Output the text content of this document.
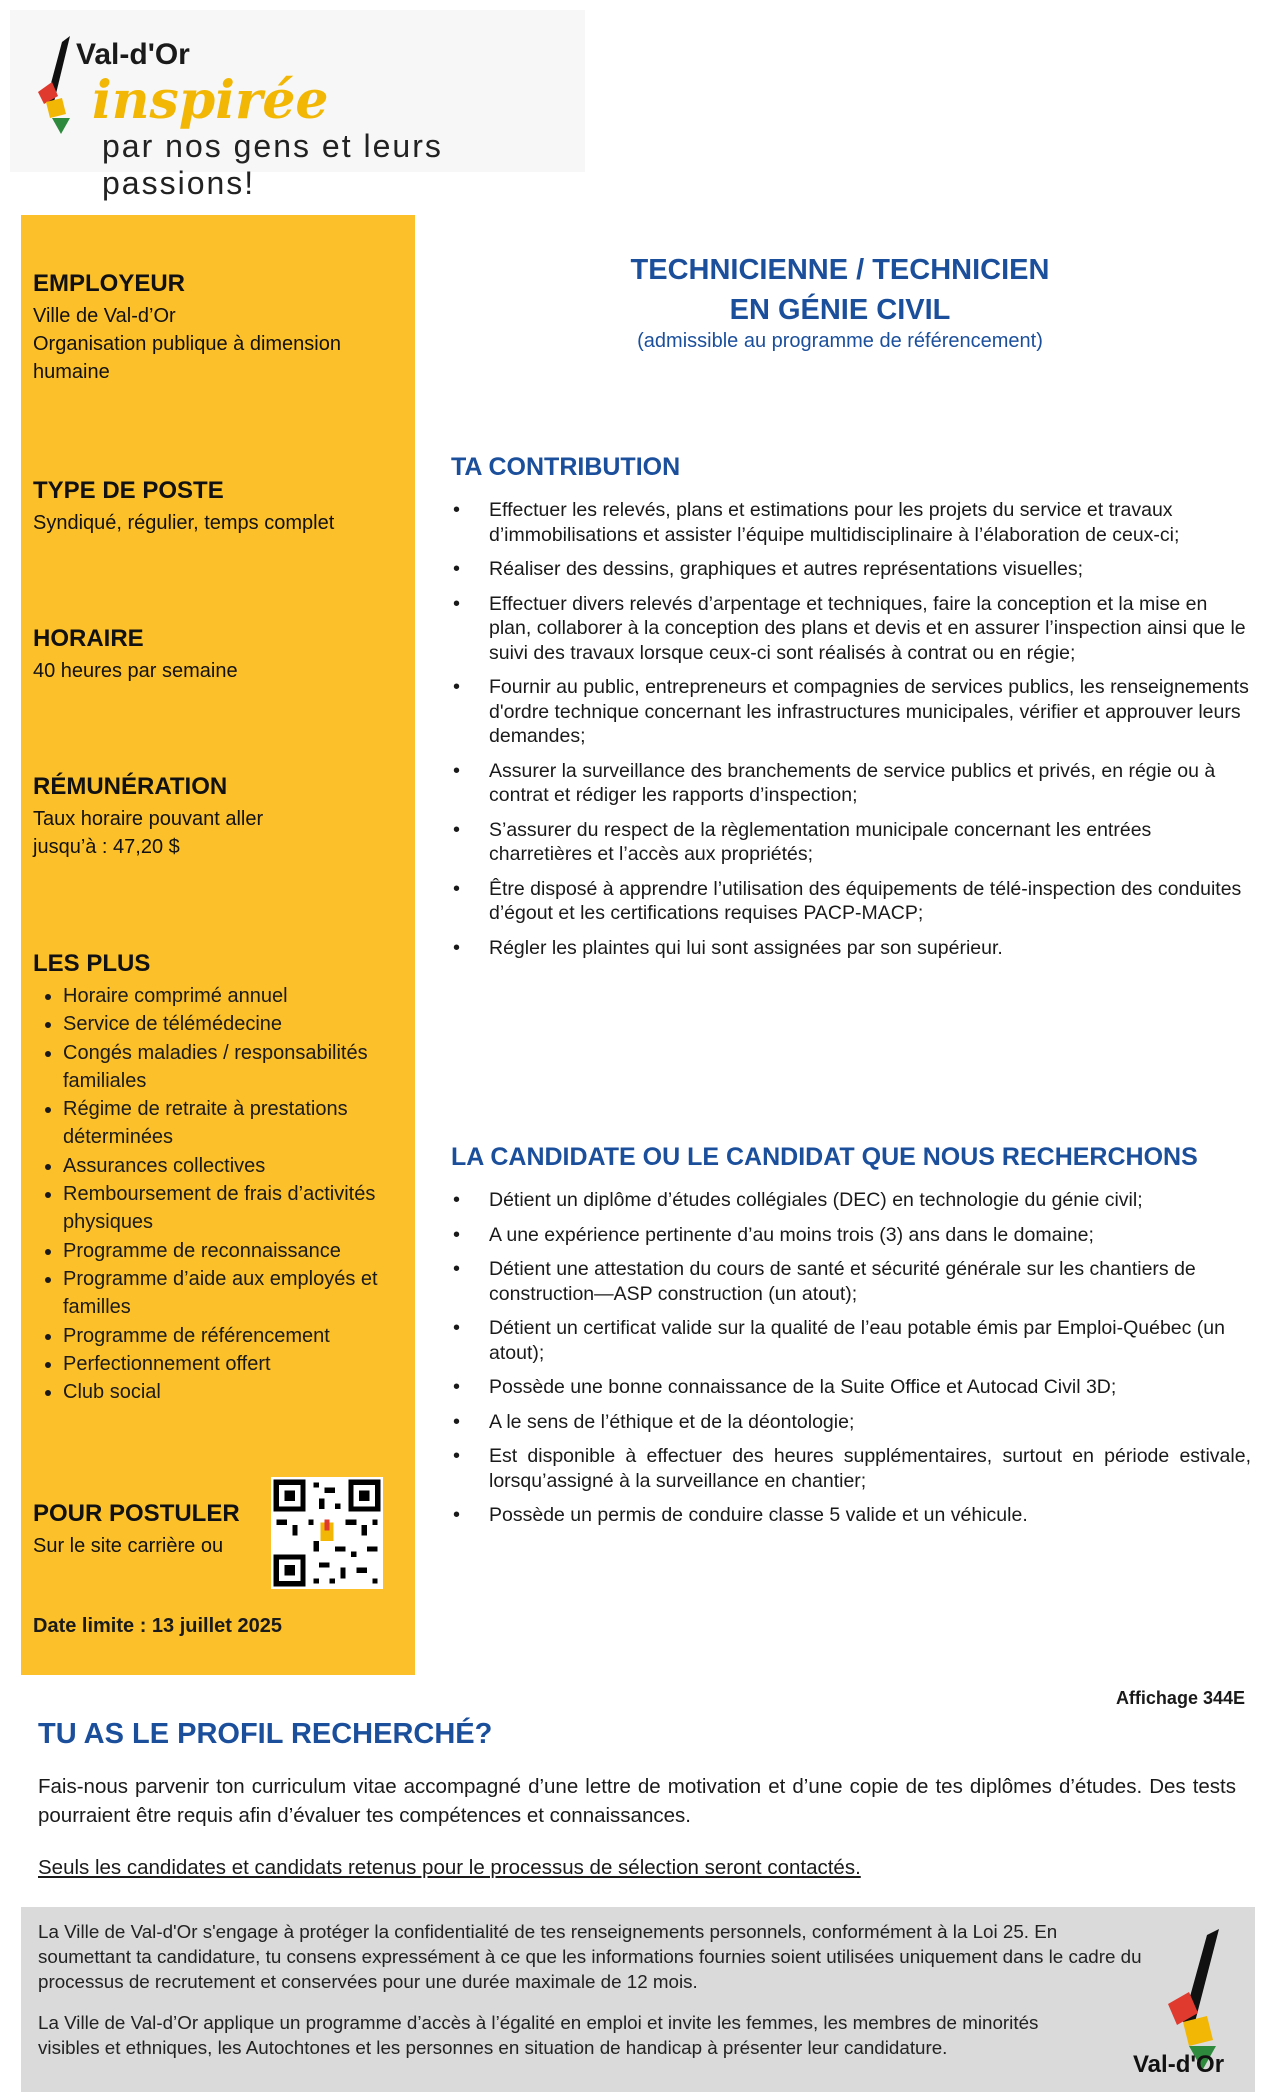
Val-d'Or
inspirée
par nos gens et leurs passions!
EMPLOYEUR
Ville de Val-d’Or
Organisation publique à dimension humaine
TYPE DE POSTE
Syndiqué, régulier, temps complet
HORAIRE
40 heures par semaine
RÉMUNÉRATION
Taux horaire pouvant aller
jusqu’à : 47,20 $
LES PLUS
• Horaire comprimé annuel
• Service de télémédecine
• Congés maladies / responsabilités familiales
• Régime de retraite à prestations déterminées
• Assurances collectives
• Remboursement de frais d’activités physiques
• Programme de reconnaissance
• Programme d’aide aux employés et familles
• Programme de référencement
• Perfectionnement offert
• Club social
POUR POSTULER
Sur le site carrière ou
Date limite : 13 juillet 2025
TECHNICIENNE / TECHNICIEN
EN GÉNIE CIVIL
(admissible au programme de référencement)
TA CONTRIBUTION
• Effectuer les relevés, plans et estimations pour les projets du service et travaux d’immobilisations et assister l’équipe multidisciplinaire à l’élaboration de ceux-ci;
• Réaliser des dessins, graphiques et autres représentations visuelles;
• Effectuer divers relevés d’arpentage et techniques, faire la conception et la mise en plan, collaborer à la conception des plans et devis et en assurer l’inspection ainsi que le suivi des travaux lorsque ceux-ci sont réalisés à contrat ou en régie;
• Fournir au public, entrepreneurs et compagnies de services publics, les renseignements d'ordre technique concernant les infrastructures municipales, vérifier et approuver leurs demandes;
• Assurer la surveillance des branchements de service publics et privés, en régie ou à contrat et rédiger les rapports d’inspection;
• S’assurer du respect de la règlementation municipale concernant les entrées charretières et l’accès aux propriétés;
• Être disposé à apprendre l’utilisation des équipements de télé-inspection des conduites d’égout et les certifications requises PACP-MACP;
• Régler les plaintes qui lui sont assignées par son supérieur.
LA CANDIDATE OU LE CANDIDAT QUE NOUS RECHERCHONS
• Détient un diplôme d’études collégiales (DEC) en technologie du génie civil;
• A une expérience pertinente d’au moins trois (3) ans dans le domaine;
• Détient une attestation du cours de santé et sécurité générale sur les chantiers de construction—ASP construction (un atout);
• Détient un certificat valide sur la qualité de l’eau potable émis par Emploi-Québec (un atout);
• Possède une bonne connaissance de la Suite Office et Autocad Civil 3D;
• A le sens de l’éthique et de la déontologie;
• Est disponible à effectuer des heures supplémentaires, surtout en période estivale, lorsqu’assigné à la surveillance en chantier;
• Possède un permis de conduire classe 5 valide et un véhicule.
Affichage 344E
TU AS LE PROFIL RECHERCHÉ?
Fais-nous parvenir ton curriculum vitae accompagné d’une lettre de motivation et d’une copie de tes diplômes d’études. Des tests pourraient être requis afin d’évaluer tes compétences et connaissances.
Seuls les candidates et candidats retenus pour le processus de sélection seront contactés.
La Ville de Val-d'Or s'engage à protéger la confidentialité de tes renseignements personnels, conformément à la Loi 25. En soumettant ta candidature, tu consens expressément à ce que les informations fournies soient utilisées uniquement dans le cadre du processus de recrutement et conservées pour une durée maximale de 12 mois.
La Ville de Val-d’Or applique un programme d’accès à l’égalité en emploi et invite les femmes, les membres de minorités visibles et ethniques, les Autochtones et les personnes en situation de handicap à présenter leur candidature.
Val-d'Or
